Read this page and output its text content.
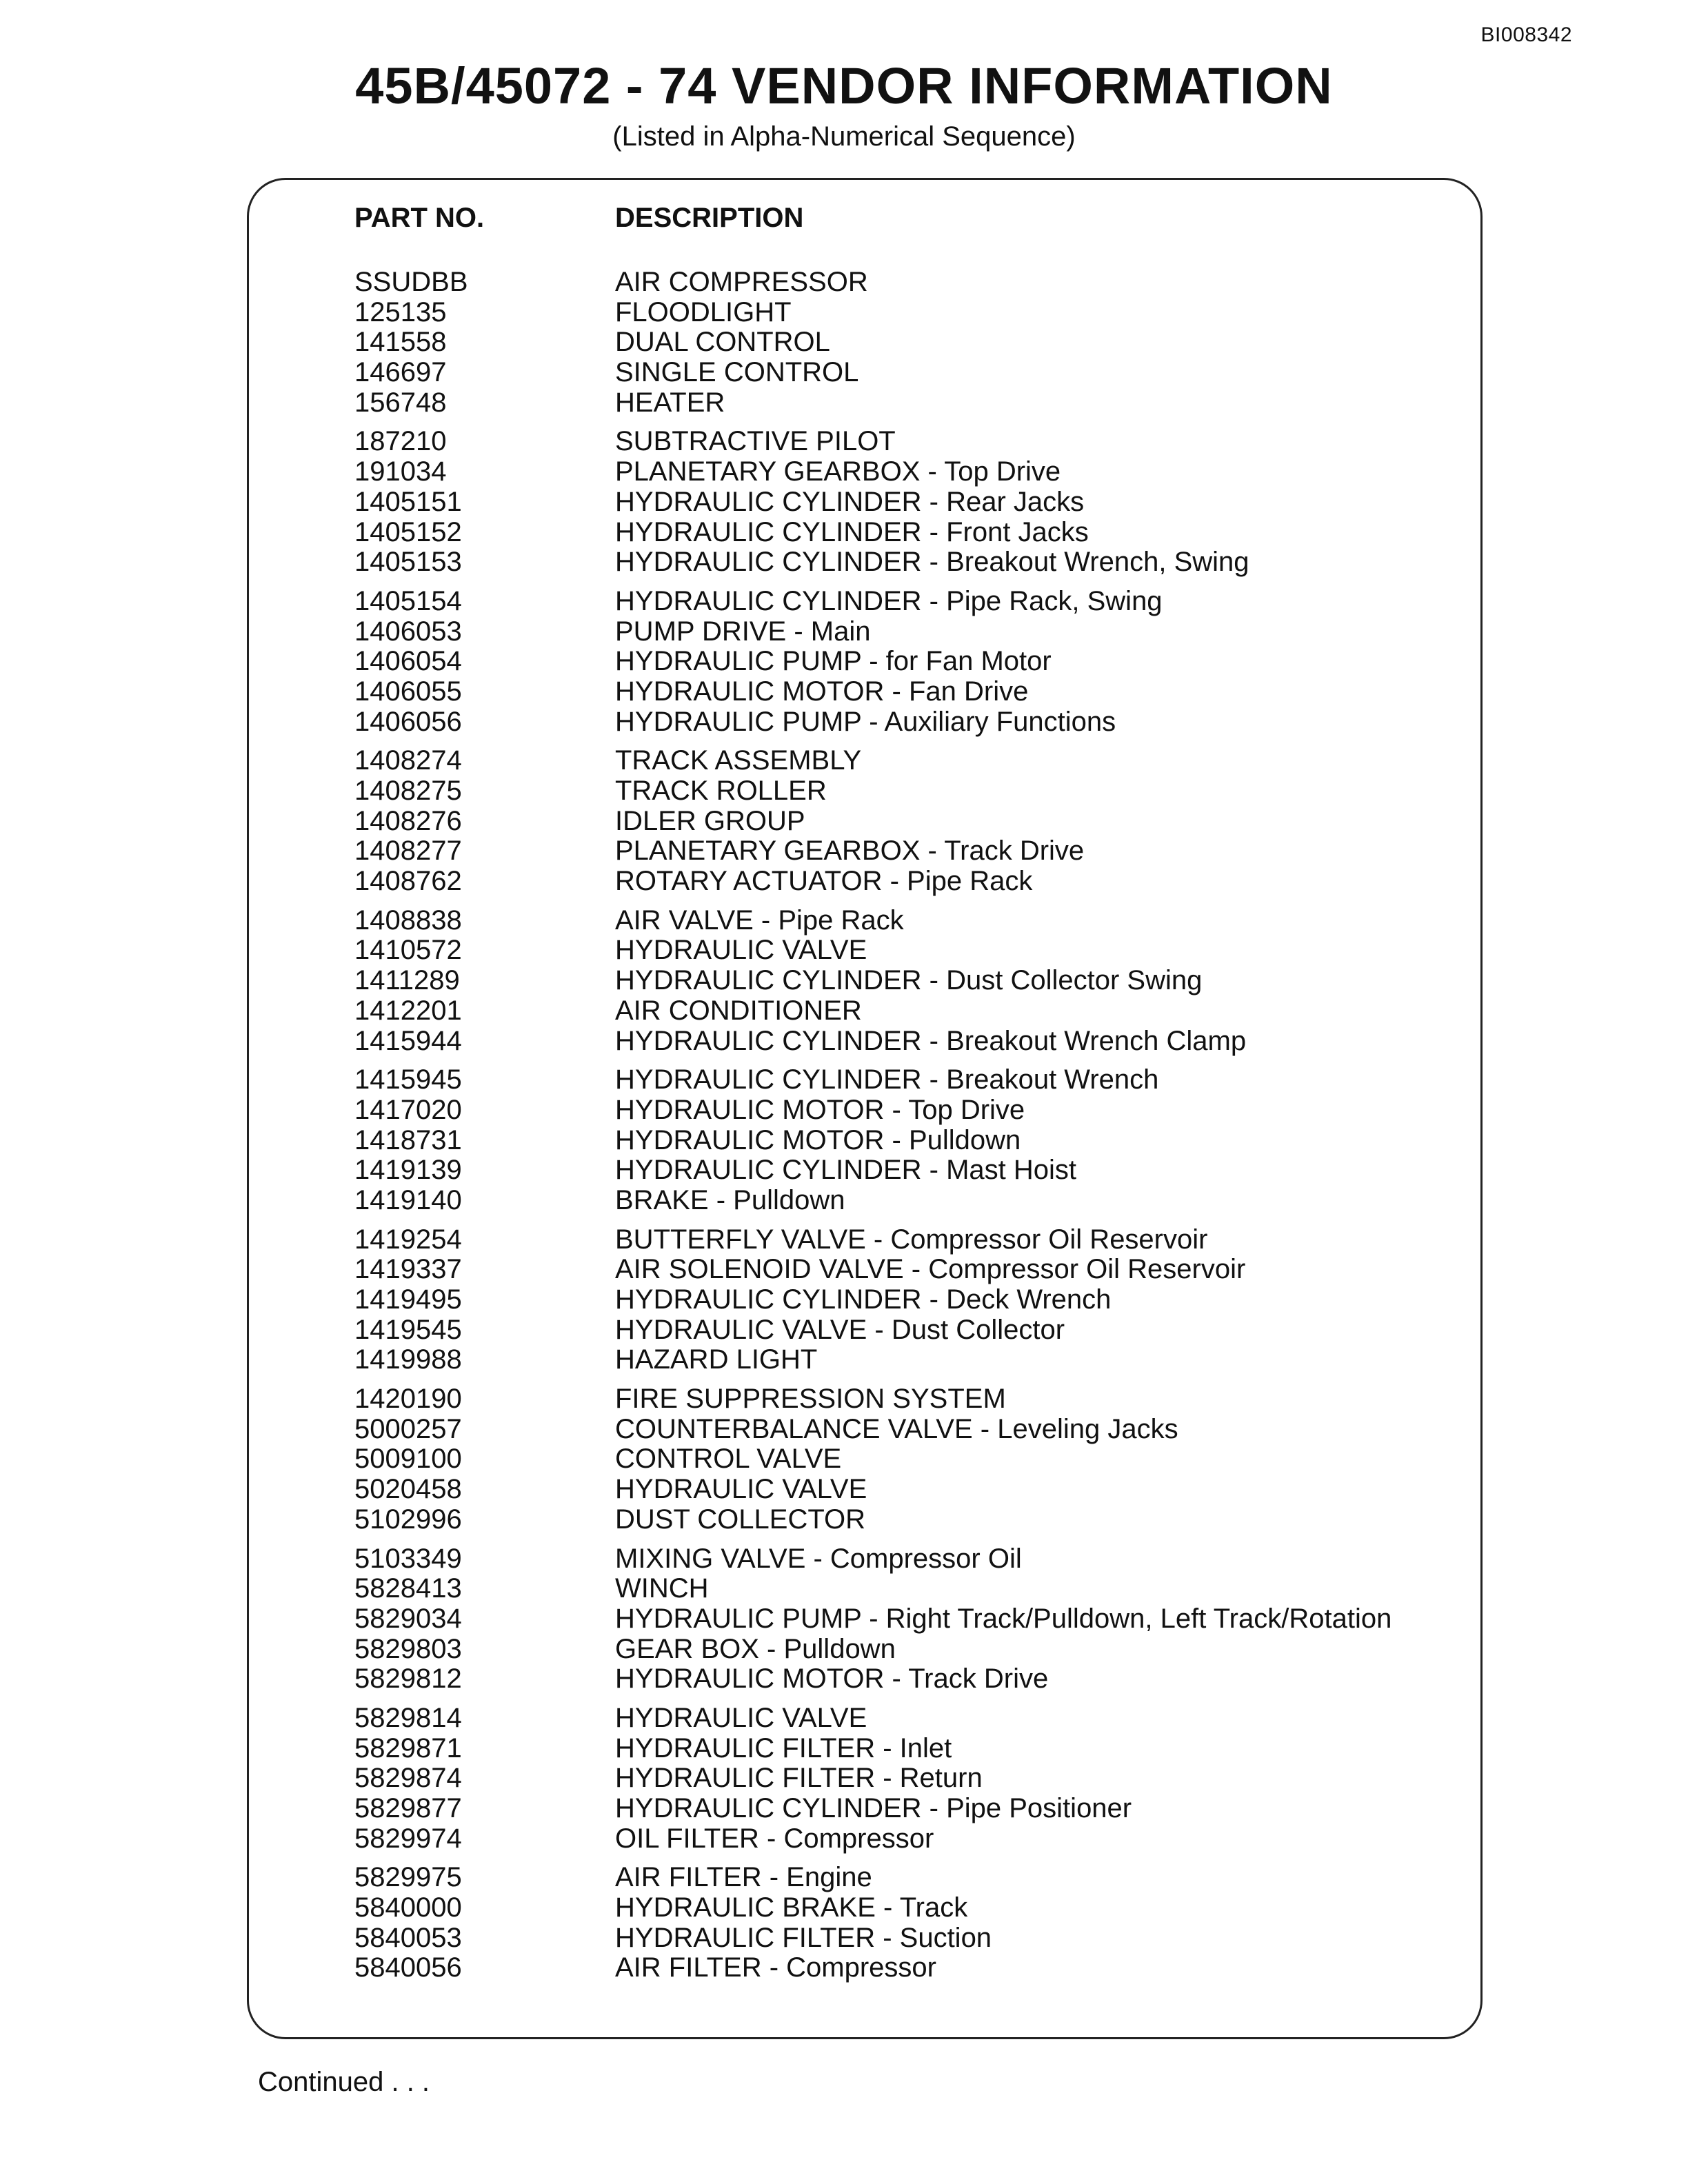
BI008342
45B/45072 - 74 VENDOR INFORMATION
(Listed in Alpha-Numerical Sequence)
PART NO.	DESCRIPTION
SSUDBB	AIR COMPRESSOR
125135	FLOODLIGHT
141558	DUAL CONTROL
146697	SINGLE CONTROL
156748	HEATER
187210	SUBTRACTIVE PILOT
191034	PLANETARY GEARBOX - Top Drive
1405151	HYDRAULIC CYLINDER - Rear Jacks
1405152	HYDRAULIC CYLINDER - Front Jacks
1405153	HYDRAULIC CYLINDER - Breakout Wrench, Swing
1405154	HYDRAULIC CYLINDER - Pipe Rack, Swing
1406053	PUMP DRIVE - Main
1406054	HYDRAULIC PUMP - for Fan Motor
1406055	HYDRAULIC MOTOR - Fan Drive
1406056	HYDRAULIC PUMP - Auxiliary Functions
1408274	TRACK ASSEMBLY
1408275	TRACK ROLLER
1408276	IDLER GROUP
1408277	PLANETARY GEARBOX - Track Drive
1408762	ROTARY ACTUATOR - Pipe Rack
1408838	AIR VALVE - Pipe Rack
1410572	HYDRAULIC VALVE
1411289	HYDRAULIC CYLINDER - Dust Collector Swing
1412201	AIR CONDITIONER
1415944	HYDRAULIC CYLINDER - Breakout Wrench Clamp
1415945	HYDRAULIC CYLINDER - Breakout Wrench
1417020	HYDRAULIC MOTOR - Top Drive
1418731	HYDRAULIC MOTOR - Pulldown
1419139	HYDRAULIC CYLINDER - Mast Hoist
1419140	BRAKE - Pulldown
1419254	BUTTERFLY VALVE - Compressor Oil Reservoir
1419337	AIR SOLENOID VALVE - Compressor Oil Reservoir
1419495	HYDRAULIC CYLINDER - Deck Wrench
1419545	HYDRAULIC VALVE - Dust Collector
1419988	HAZARD LIGHT
1420190	FIRE SUPPRESSION SYSTEM
5000257	COUNTERBALANCE VALVE - Leveling Jacks
5009100	CONTROL VALVE
5020458	HYDRAULIC VALVE
5102996	DUST COLLECTOR
5103349	MIXING VALVE - Compressor Oil
5828413	WINCH
5829034	HYDRAULIC PUMP - Right Track/Pulldown, Left Track/Rotation
5829803	GEAR BOX - Pulldown
5829812	HYDRAULIC MOTOR - Track Drive
5829814	HYDRAULIC VALVE
5829871	HYDRAULIC FILTER - Inlet
5829874	HYDRAULIC FILTER - Return
5829877	HYDRAULIC CYLINDER - Pipe Positioner
5829974	OIL FILTER - Compressor
5829975	AIR FILTER - Engine
5840000	HYDRAULIC BRAKE - Track
5840053	HYDRAULIC FILTER - Suction
5840056	AIR FILTER - Compressor
Continued . . .
